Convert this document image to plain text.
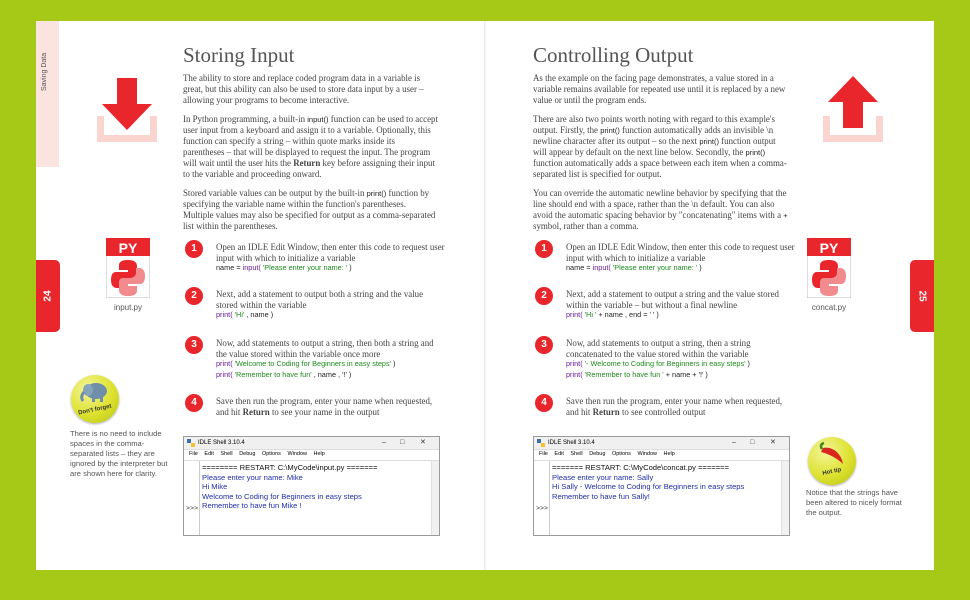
Saving Data
24
Storing Input

The ability to store and replace coded program data in a variable is great, but this ability can also be used to store data input by a user – allowing your programs to become interactive.

In Python programming, a built-in input() function can be used to accept user input from a keyboard and assign it to a variable. Optionally, this function can specify a string – within quote marks inside its parentheses – that will be displayed to request the input. The program will wait until the user hits the Return key before assigning their input to the variable and proceeding onward.

Stored variable values can be output by the built-in print() function by specifying the variable name within the function's parentheses. Multiple values may also be specified for output as a comma-separated list within the parentheses.

PY
input.py
1	Open an IDLE Edit Window, then enter this code to request user input with which to initialize a variable
name = input( 'Please enter your name: ' )
2	Next, add a statement to output both a string and the value stored within the variable
print( 'Hi' , name )
3	Now, add statements to output a string, then both a string and the value stored within the variable once more
print( 'Welcome to Coding for Beginners in easy steps' )
print( 'Remember to have fun' , name , '!' )
4	Save then run the program, enter your name when requested, and hit Return to see your name in the output
Don't forget
There is no need to include spaces in the comma-separated lists – they are ignored by the interpreter but are shown here for clarity.
IDLE Shell 3.10.4	– □ ✕
File Edit Shell Debug Options Window Help
>>>
======== RESTART: C:\MyCode\input.py =======
Please enter your name: Mike
Hi Mike
Welcome to Coding for Beginners in easy steps
Remember to have fun Mike !
25
Controlling Output

As the example on the facing page demonstrates, a value stored in a variable remains available for repeated use until it is replaced by a new value or until the program ends.

There are also two points worth noting with regard to this example's output. Firstly, the print() function automatically adds an invisible \n newline character after its output – so the next print() function output will appear by default on the next line below. Secondly, the print() function automatically adds a space between each item when a comma-separated list is specified for output.

You can override the automatic newline behavior by specifying that the line should end with a space, rather than the \n default. You can also avoid the automatic spacing behavior by "concatenating" items with a + symbol, rather than a comma.

PY
concat.py
1	Open an IDLE Edit Window, then enter this code to request user input with which to initialize a variable
name = input( 'Please enter your name: ' )
2	Next, add a statement to output a string and the value stored within the variable – but without a final newline
print( 'Hi ' + name , end = ' ' )
3	Now, add statements to output a string, then a string concatenated to the value stored within the variable
print( '- Welcome to Coding for Beginners in easy steps' )
print( 'Remember to have fun ' + name + '!' )
4	Save then run the program, enter your name when requested, and hit Return to see controlled output
Hot tip
Notice that the strings have been altered to nicely format the output.
IDLE Shell 3.10.4	– □ ✕
File Edit Shell Debug Options Window Help
>>>
======= RESTART: C:\MyCode\concat.py =======
Please enter your name: Sally
Hi Sally - Welcome to Coding for Beginners in easy steps
Remember to have fun Sally!
